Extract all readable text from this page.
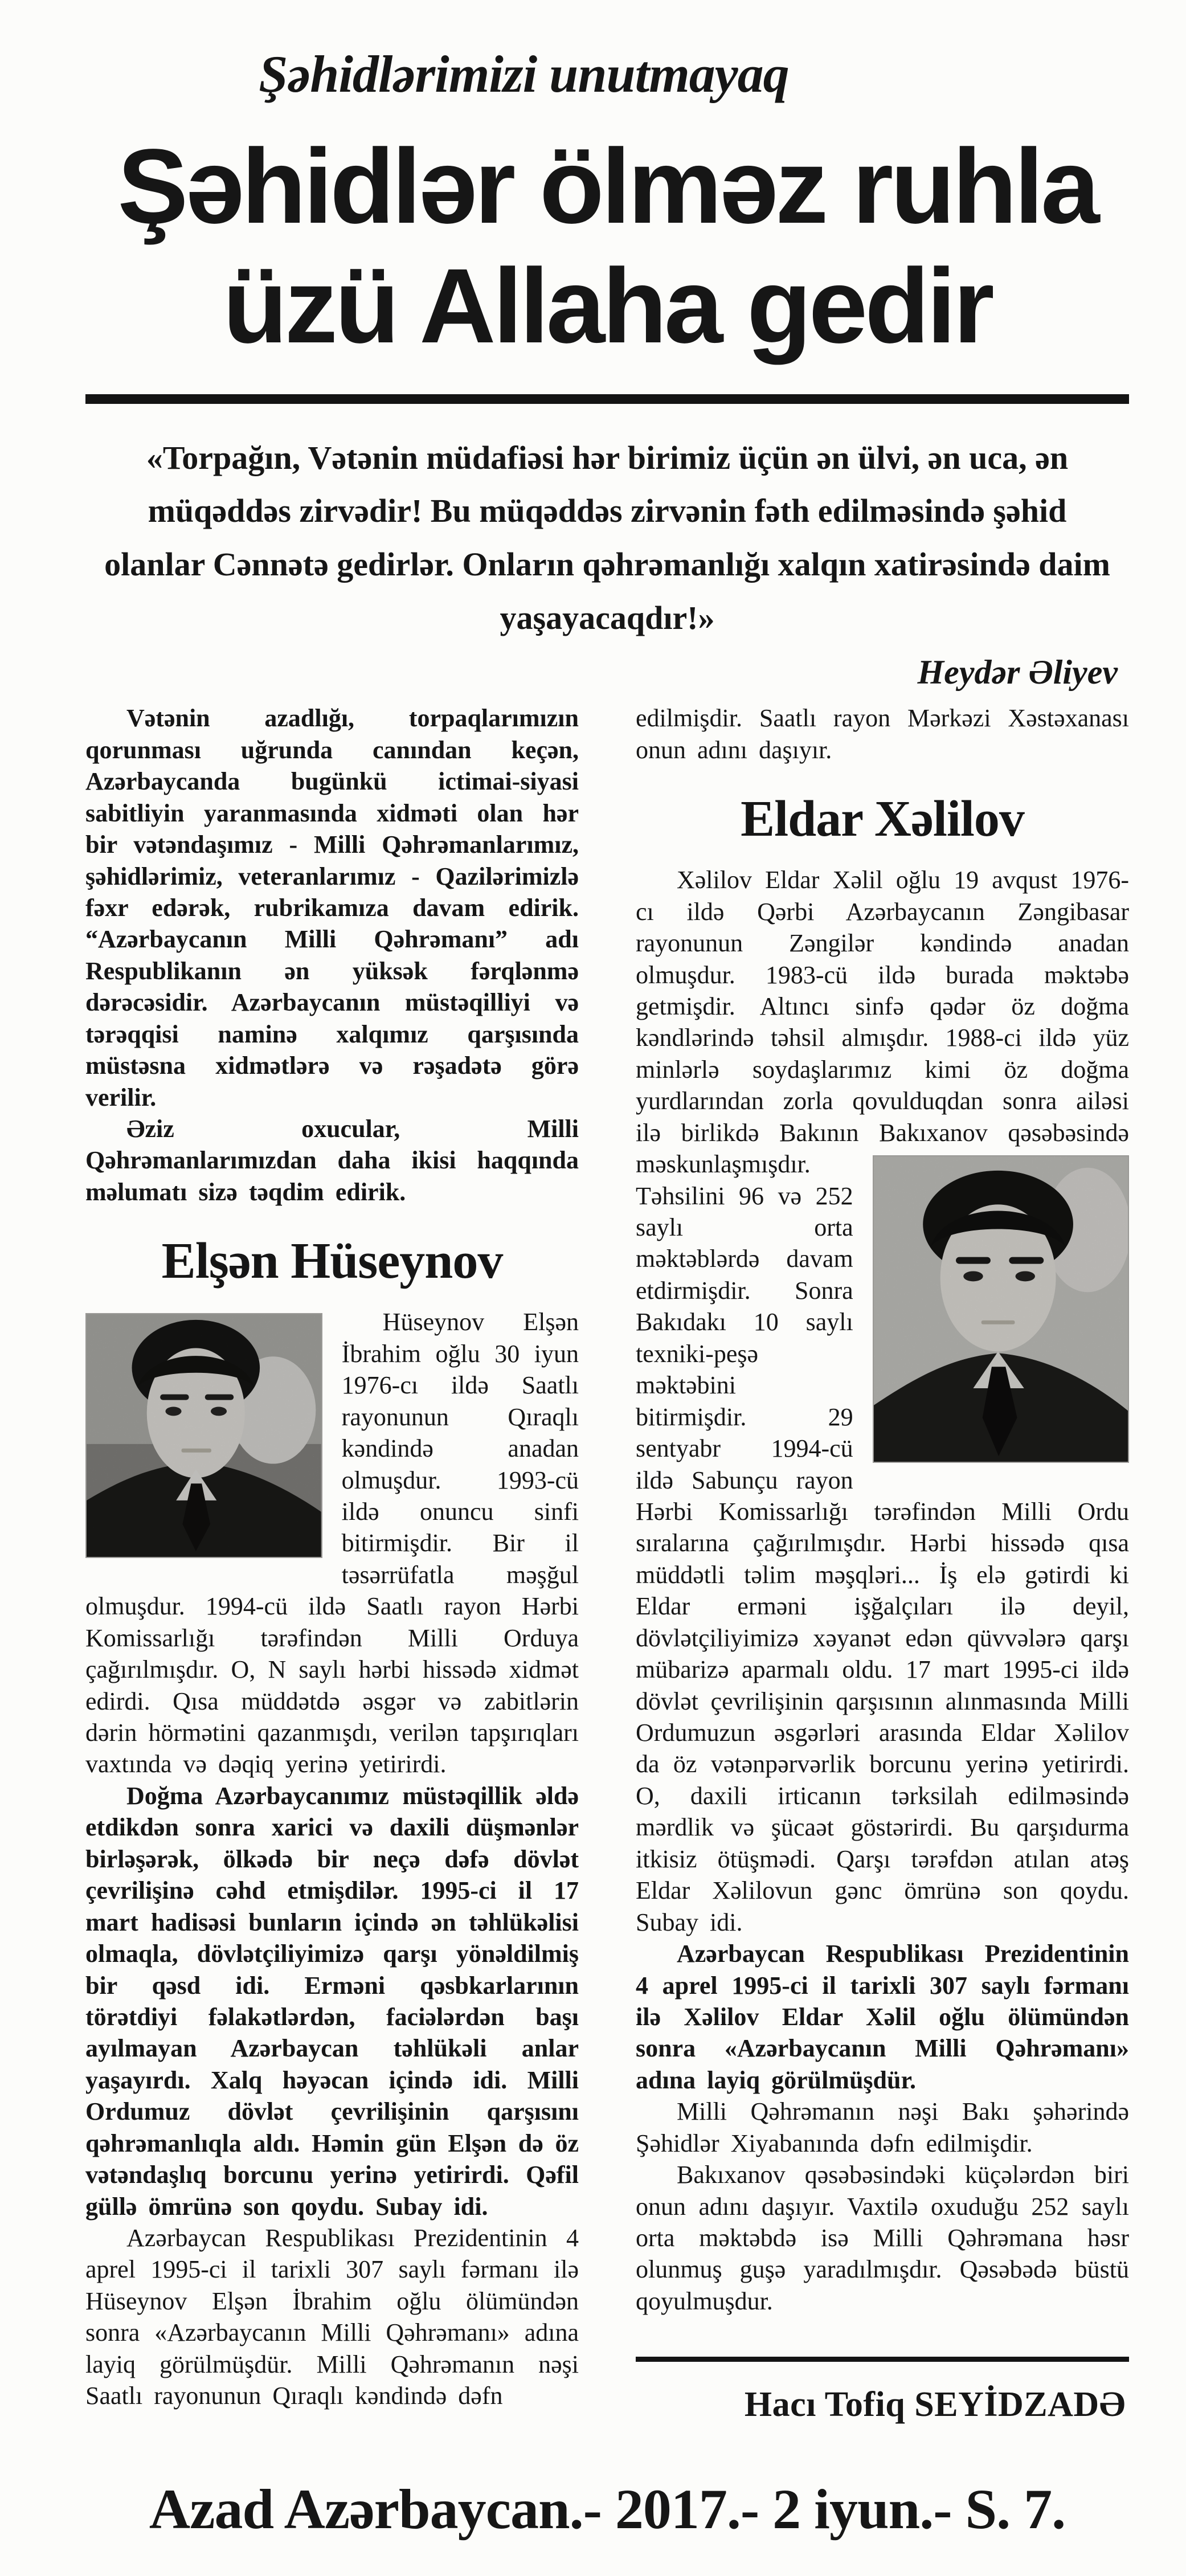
Şəhidlərimizi unutmayaq
Şəhidlər ölməz ruhla
üzü Allaha gedir
«Torpağın, Vətənin müdafiəsi hər birimiz üçün ən ülvi, ən uca, ən müqəddəs zirvədir! Bu müqəddəs zirvənin fəth edilməsində şəhid olanlar Cənnətə gedirlər. Onların qəhrəmanlığı xalqın xatirəsində daim yaşayacaqdır!»
Heydər Əliyev

Vətənin azadlığı, torpaqlarımızın qorunması uğrunda canından keçən, Azərbaycanda bugünkü ictimai-siyasi sabitliyin yaranmasında xidməti olan hər bir vətəndaşımız - Milli Qəhrəmanlarımız, şəhidlərimiz, veteranlarımız - Qazilərimizlə fəxr edərək, rubrikamıza davam edirik. “Azərbaycanın Milli Qəhrəmanı” adı Respublikanın ən yüksək fərqlənmə dərəcəsidir. Azərbaycanın müstəqilliyi və tərəqqisi naminə xalqımız qarşısında müstəsna xidmətlərə və rəşadətə görə verilir.

Əziz oxucular, Milli Qəhrəmanlarımızdan daha ikisi haqqında məlumatı sizə təqdim edirik.

Elşən Hüseynov

Hüseynov Elşən İbrahim oğlu 30 iyun 1976-cı ildə Saatlı rayonunun Qıraqlı kəndində anadan olmuşdur. 1993-cü ildə onuncu sinfi bitirmişdir. Bir il təsərrüfatla məşğul olmuşdur. 1994-cü ildə Saatlı rayon Hərbi Komissarlığı tərəfindən Milli Orduya çağırılmışdır. O, N saylı hərbi hissədə xidmət edirdi. Qısa müddətdə əsgər və zabitlərin dərin hörmətini qazanmışdı, verilən tapşırıqları vaxtında və dəqiq yerinə yetirirdi.

Doğma Azərbaycanımız müstəqillik əldə etdikdən sonra xarici və daxili düşmənlər birləşərək, ölkədə bir neçə dəfə dövlət çevrilişinə cəhd etmişdilər. 1995-ci il 17 mart hadisəsi bunların içində ən təhlükəlisi olmaqla, dövlətçiliyimizə qarşı yönəldilmiş bir qəsd idi. Erməni qəsbkarlarının törətdiyi fəlakətlərdən, faciələrdən başı ayılmayan Azərbaycan təhlükəli anlar yaşayırdı. Xalq həyəcan içində idi. Milli Ordumuz dövlət çevrilişinin qarşısını qəhrəmanlıqla aldı. Həmin gün Elşən də öz vətəndaşlıq borcunu yerinə yetirirdi. Qəfil güllə ömrünə son qoydu. Subay idi.

Azərbaycan Respublikası Prezidentinin 4 aprel 1995-ci il tarixli 307 saylı fərmanı ilə Hüseynov Elşən İbrahim oğlu ölümündən sonra «Azərbaycanın Milli Qəhrəmanı» adına layiq görülmüşdür. Milli Qəhrəmanın nəşi Saatlı rayonunun Qıraqlı kəndində dəfn

edilmişdir. Saatlı rayon Mərkəzi Xəstəxanası onun adını daşıyır.

Eldar Xəlilov

Xəlilov Eldar Xəlil oğlu 19 avqust 1976-cı ildə Qərbi Azərbaycanın Zəngibasar rayonunun Zəngilər kəndində anadan olmuşdur. 1983-cü ildə burada məktəbə getmişdir. Altıncı sinfə qədər öz doğma kəndlərində təhsil almışdır. 1988-ci ildə yüz minlərlə soydaşlarımız kimi öz doğma yurdlarından zorla qovulduqdan sonra ailəsi ilə birlikdə Bakının Bakıxanov qəsəbəsində
məskunlaşmışdır. Təhsilini 96 və 252 saylı orta məktəblərdə davam etdirmişdir. Sonra Bakıdakı 10 saylı texniki-peşə məktəbini bitirmişdir. 29 sentyabr 1994-cü ildə Sabunçu rayon Hərbi Komissarlığı tərəfindən Milli Ordu sıralarına çağırılmışdır. Hərbi hissədə qısa müddətli təlim məşqləri... İş elə gətirdi ki Eldar erməni işğalçıları ilə deyil, dövlətçiliyimizə xəyanət edən qüvvələrə qarşı mübarizə aparmalı oldu. 17 mart 1995-ci ildə dövlət çevrilişinin qarşısının alınmasında Milli Ordumuzun əsgərləri arasında Eldar Xəlilov da öz vətənpərvərlik borcunu yerinə yetirirdi. O, daxili irticanın tərksilah edilməsində mərdlik və şücaət göstərirdi. Bu qarşıdurma itkisiz ötüşmədi. Qarşı tərəfdən atılan atəş Eldar Xəlilovun gənc ömrünə son qoydu. Subay idi.

Azərbaycan Respublikası Prezidentinin 4 aprel 1995-ci il tarixli 307 saylı fərmanı ilə Xəlilov Eldar Xəlil oğlu ölümündən sonra «Azərbaycanın Milli Qəhrəmanı» adına layiq görülmüşdür.

Milli Qəhrəmanın nəşi Bakı şəhərində Şəhidlər Xiyabanında dəfn edilmişdir.

Bakıxanov qəsəbəsindəki küçələrdən biri onun adını daşıyır. Vaxtilə oxuduğu 252 saylı orta məktəbdə isə Milli Qəhrəmana həsr olunmuş guşə yaradılmışdır. Qəsəbədə büstü qoyulmuşdur.

Hacı Tofiq SEYİDZADƏ
Azad Azərbaycan.- 2017.- 2 iyun.- S. 7.
